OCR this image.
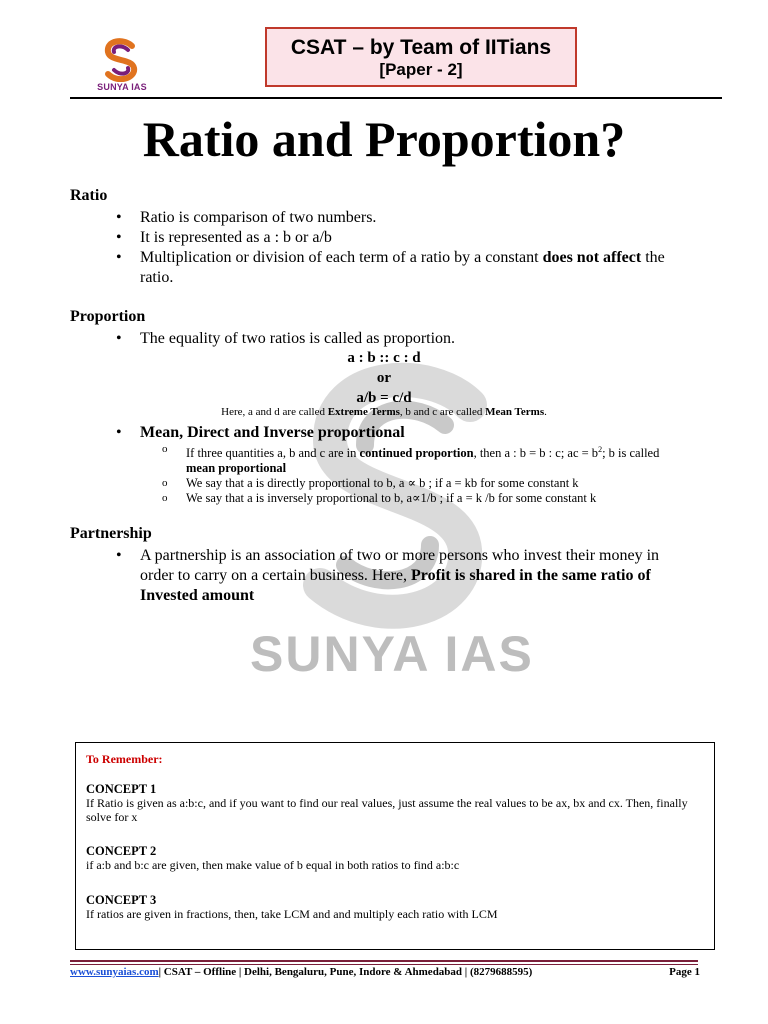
SUNYA IAS
CSAT – by Team of IITians
[Paper - 2]
Ratio and Proportion?
SUNYA IAS
Ratio
• Ratio is comparison of two numbers.
• It is represented as a : b or a/b
• Multiplication or division of each term of a ratio by a constant does not affect the ratio.
Proportion
• The equality of two ratios is called as proportion.
a : b :: c : d
or
a/b = c/d
Here, a and d are called Extreme Terms, b and c are called Mean Terms.
• Mean, Direct and Inverse proportional
o If three quantities a, b and c are in continued proportion, then a : b = b : c; ac = $b^2$; b is called mean proportional
o We say that a is directly proportional to b, a ∝ b ; if a = kb for some constant k
o We say that a is inversely proportional to b, a∝1/b ; if a = k /b for some constant k
Partnership
• A partnership is an association of two or more persons who invest their money in order to carry on a certain business. Here, Profit is shared in the same ratio of Invested amount
To Remember:
CONCEPT 1
If Ratio is given as a:b:c, and if you want to find our real values, just assume the real values to be ax, bx and cx. Then, finally solve for x
CONCEPT 2
if a:b and b:c are given, then make value of b equal in both ratios to find a:b:c
CONCEPT 3
If ratios are given in fractions, then, take LCM and and multiply each ratio with LCM
www.sunyaias.com| CSAT – Offline | Delhi, Bengaluru, Pune, Indore & Ahmedabad | (8279688595)	Page 1
